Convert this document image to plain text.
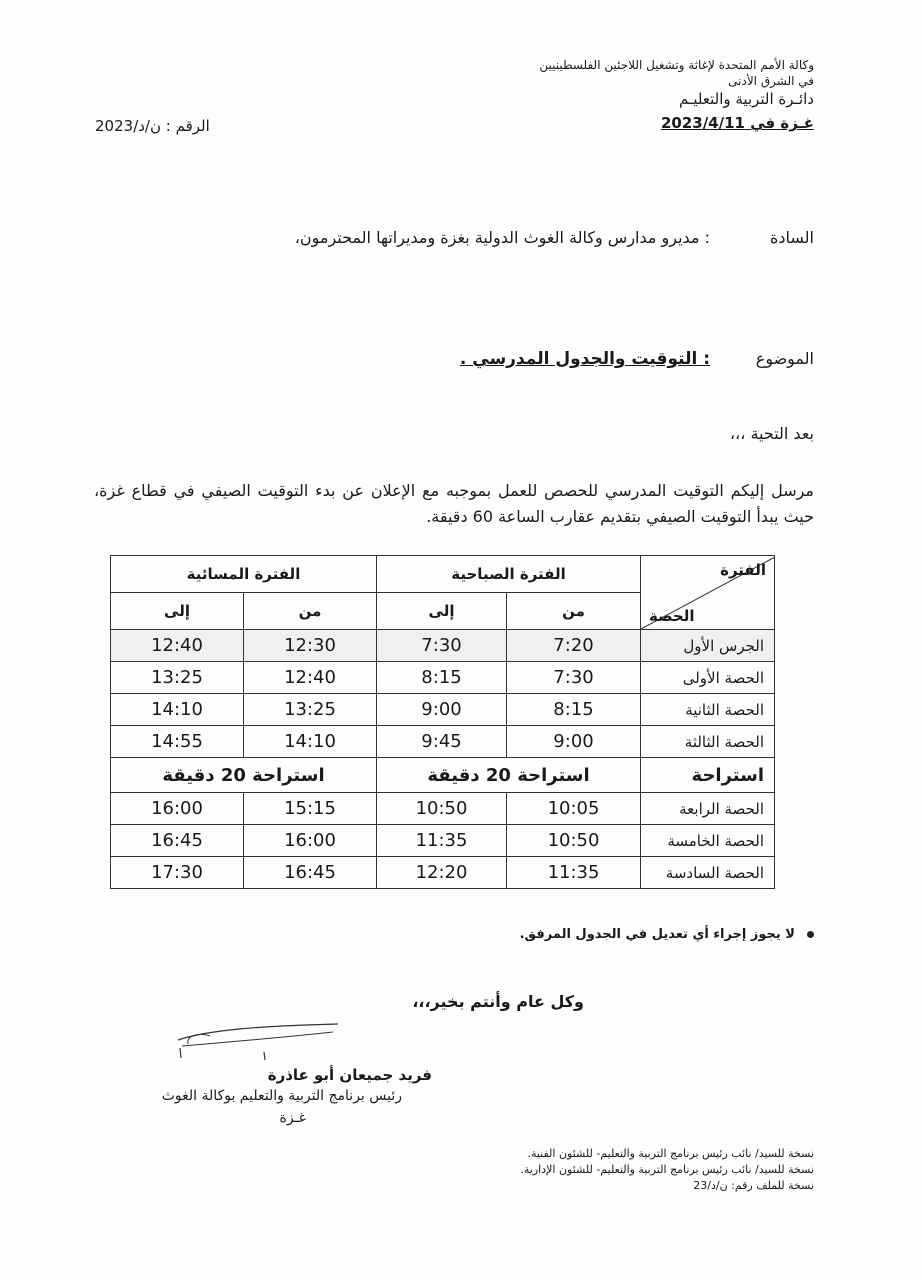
وكالة الأمم المتحدة لإغاثة وتشغيل اللاجئين الفلسطينيين
في الشرق الأدنى
دائـرة التربية والتعليـم
غـزة في 2023/4/11
الرقم : ن/د/2023
السادة
: مديرو مدارس وكالة الغوث الدولية بغزة ومديراتها المحترمون،
الموضوع
: التوقيت والجدول المدرسي .
بعد التحية ،،،
مرسل إليكم التوقيت المدرسي للحصص للعمل بموجبه مع الإعلان عن بدء التوقيت الصيفي في قطاع غزة، حيث يبدأ التوقيت الصيفي بتقديم عقارب الساعة 60 دقيقة.
الفترة
الحصة	الفترة الصباحية		الفترة المسائية	
	من	إلى	من	إلى
الجرس الأول	7:20	7:30	12:30	12:40
الحصة الأولى	7:30	8:15	12:40	13:25
الحصة الثانية	8:15	9:00	13:25	14:10
الحصة الثالثة	9:00	9:45	14:10	14:55
استراحة	استراحة 20 دقيقة		استراحة 20 دقيقة	
الحصة الرابعة	10:05	10:50	15:15	16:00
الحصة الخامسة	10:50	11:35	16:00	16:45
الحصة السادسة	11:35	12:20	16:45	17:30
لا يجوز إجراء أي تعديل في الجدول المرفق.
وكل عام وأنتم بخير،،،
فريد جميعان أبو عاذرة
رئيس برنامج التربية والتعليم بوكالة الغوث
غـزة
نسخة للسيد/ نائب رئيس برنامج التربية والتعليم- للشئون الفنية.
نسخة للسيد/ نائب رئيس برنامج التربية والتعليم- للشئون الإدارية.
نسخة للملف رقم: ن/د/23
